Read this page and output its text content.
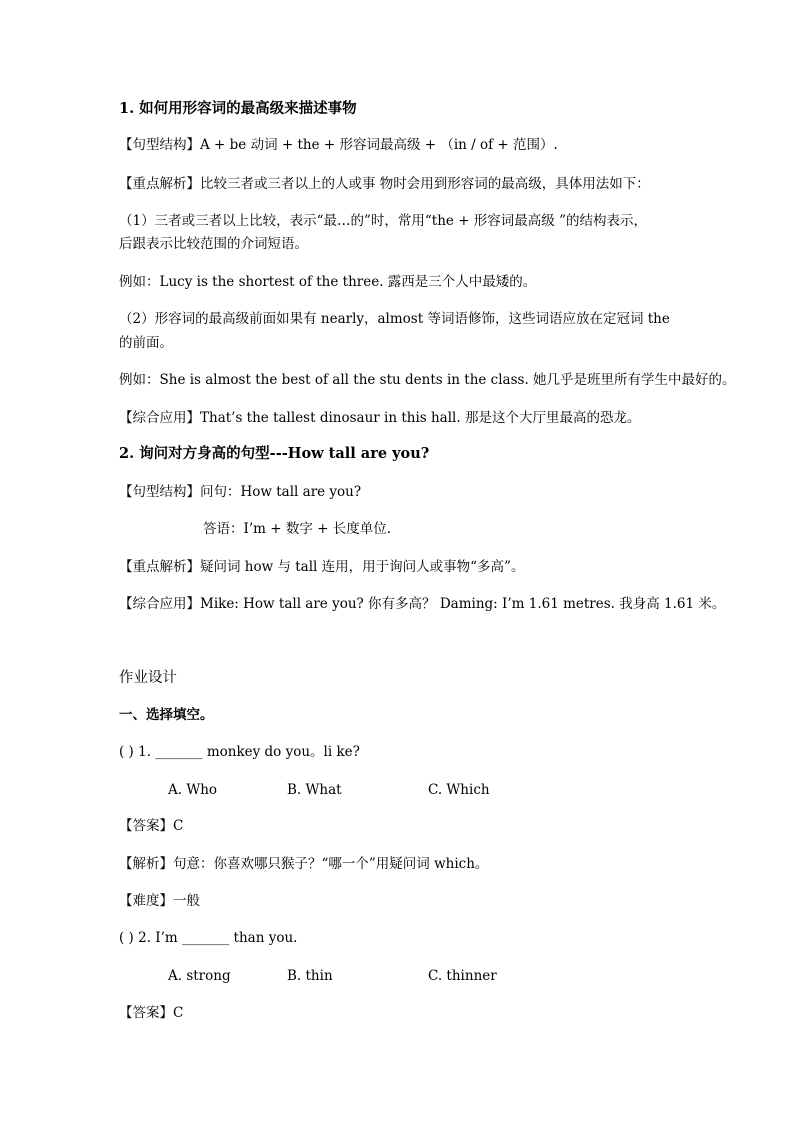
1. 如何用形容词的最高级来描述事物
【句型结构】A + be 动词 + the + 形容词最高级 + （in / of + 范围）.
【重点解析】比较三者或三者以上的人或事 物时会用到形容词的最高级，具体用法如下：
（1）三者或三者以上比较，表示“最…的”时，常用“the + 形容词最高级 ”的结构表示，
后跟表示比较范围的介词短语。
例如：Lucy is the shortest of the three. 露西是三个人中最矮的。
（2）形容词的最高级前面如果有 nearly，almost 等词语修饰，这些词语应放在定冠词 the
的前面。
例如：She is almost the best of all the stu dents in the class. 她几乎是班里所有学生中最好的。
【综合应用】That’s the tallest dinosaur in this hall. 那是这个大厅里最高的恐龙。
2. 询问对方身高的句型---How tall are you?
【句型结构】问句：How tall are you?
答语：I’m + 数字 + 长度单位.
【重点解析】疑问词 how 与 tall 连用，用于询问人或事物“多高”。
【综合应用】Mike: How tall are you? 你有多高？ Daming: I’m 1.61 metres. 我身高 1.61 米。
作业设计
一、选择填空。
( ) 1. _______ monkey do you。li ke?
A. Who	B. What	C. Which
【答案】C
【解析】句意：你喜欢哪只猴子？“哪一个”用疑问词 which。
【难度】一般
( ) 2. I’m _______ than you.
A. strong	B. thin	C. thinner
【答案】C
